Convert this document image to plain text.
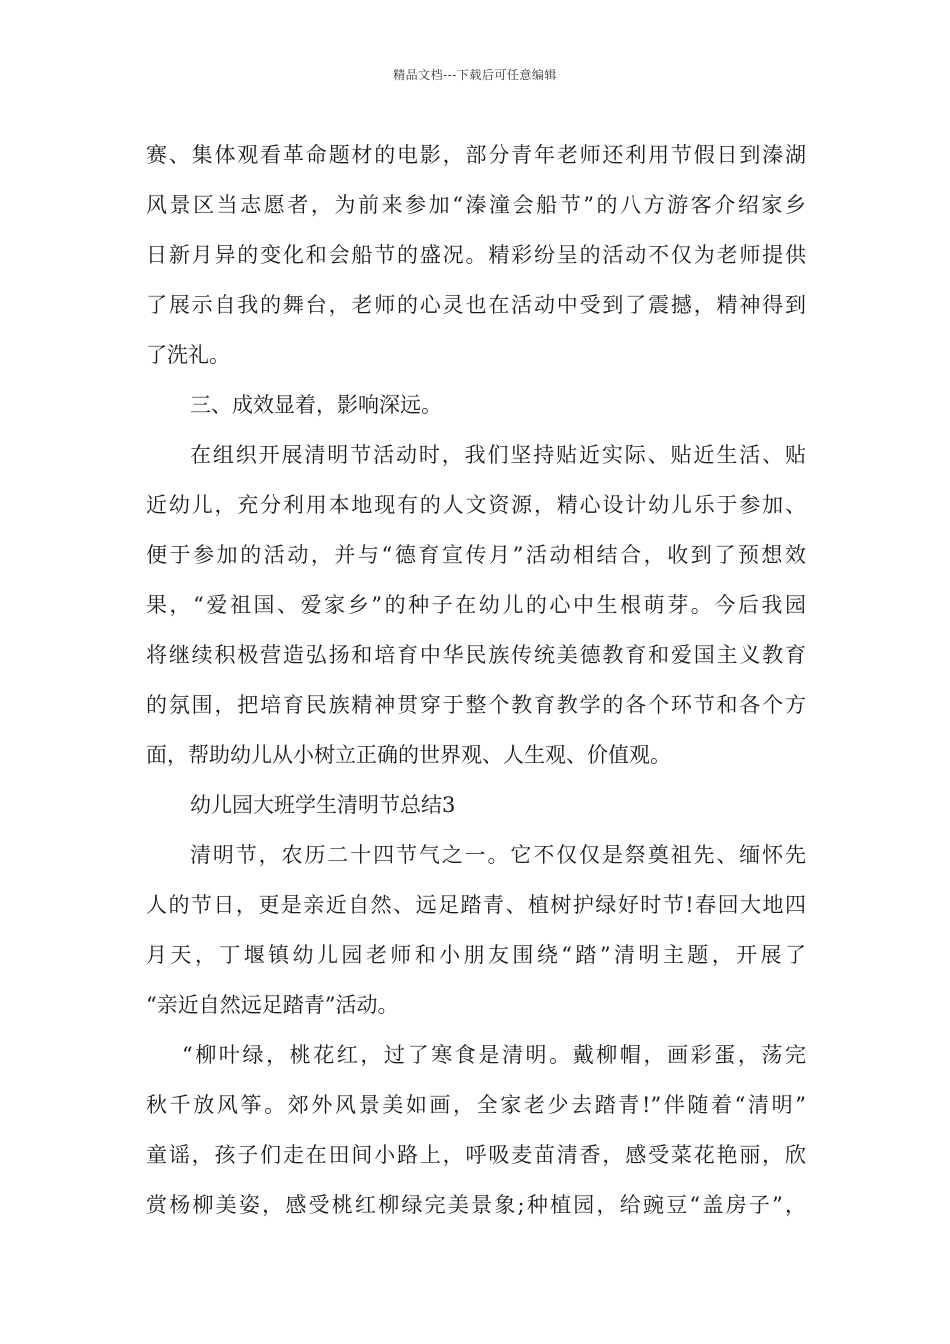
精品文档---下载后可任意编辑
赛、集体观看革命题材的电影，部分青年老师还利用节假日到溱湖
风景区当志愿者，为前来参加“溱潼会船节”的八方游客介绍家乡
日新月异的变化和会船节的盛况。精彩纷呈的活动不仅为老师提供
了展示自我的舞台，老师的心灵也在活动中受到了震撼，精神得到
了洗礼。
三、成效显着，影响深远。
在组织开展清明节活动时，我们坚持贴近实际、贴近生活、贴
近幼儿，充分利用本地现有的人文资源，精心设计幼儿乐于参加、
便于参加的活动，并与“德育宣传月”活动相结合，收到了预想效
果，“爱祖国、爱家乡”的种子在幼儿的心中生根萌芽。今后我园
将继续积极营造弘扬和培育中华民族传统美德教育和爱国主义教育
的氛围，把培育民族精神贯穿于整个教育教学的各个环节和各个方
面，帮助幼儿从小树立正确的世界观、人生观、价值观。
幼儿园大班学生清明节总结3
清明节，农历二十四节气之一。它不仅仅是祭奠祖先、缅怀先
人的节日，更是亲近自然、远足踏青、植树护绿好时节!春回大地四
月天，丁堰镇幼儿园老师和小朋友围绕“踏”清明主题，开展了
“亲近自然远足踏青”活动。
“柳叶绿，桃花红，过了寒食是清明。戴柳帽，画彩蛋，荡完
秋千放风筝。郊外风景美如画，全家老少去踏青!”伴随着“清明”
童谣，孩子们走在田间小路上，呼吸麦苗清香，感受菜花艳丽，欣
赏杨柳美姿，感受桃红柳绿完美景象;种植园，给豌豆“盖房子”，
